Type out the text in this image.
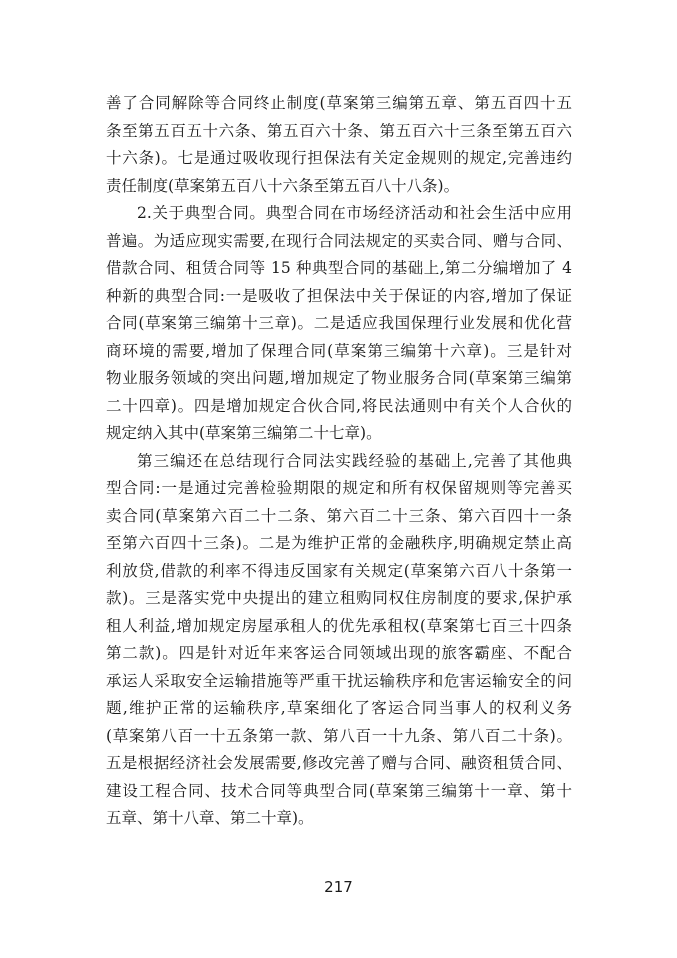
善了合同解除等合同终止制度(草案第三编第五章、第五百四十五
条至第五百五十六条、第五百六十条、第五百六十三条至第五百六
十六条)。七是通过吸收现行担保法有关定金规则的规定,完善违约
责任制度(草案第五百八十六条至第五百八十八条)。
2.关于典型合同。典型合同在市场经济活动和社会生活中应用
普遍。为适应现实需要,在现行合同法规定的买卖合同、赠与合同、
借款合同、租赁合同等 15 种典型合同的基础上,第二分编增加了 4
种新的典型合同:一是吸收了担保法中关于保证的内容,增加了保证
合同(草案第三编第十三章)。二是适应我国保理行业发展和优化营
商环境的需要,增加了保理合同(草案第三编第十六章)。三是针对
物业服务领域的突出问题,增加规定了物业服务合同(草案第三编第
二十四章)。四是增加规定合伙合同,将民法通则中有关个人合伙的
规定纳入其中(草案第三编第二十七章)。
第三编还在总结现行合同法实践经验的基础上,完善了其他典
型合同:一是通过完善检验期限的规定和所有权保留规则等完善买
卖合同(草案第六百二十二条、第六百二十三条、第六百四十一条
至第六百四十三条)。二是为维护正常的金融秩序,明确规定禁止高
利放贷,借款的利率不得违反国家有关规定(草案第六百八十条第一
款)。三是落实党中央提出的建立租购同权住房制度的要求,保护承
租人利益,增加规定房屋承租人的优先承租权(草案第七百三十四条
第二款)。四是针对近年来客运合同领域出现的旅客霸座、不配合
承运人采取安全运输措施等严重干扰运输秩序和危害运输安全的问
题,维护正常的运输秩序,草案细化了客运合同当事人的权利义务
(草案第八百一十五条第一款、第八百一十九条、第八百二十条)。
五是根据经济社会发展需要,修改完善了赠与合同、融资租赁合同、
建设工程合同、技术合同等典型合同(草案第三编第十一章、第十
五章、第十八章、第二十章)。
217
